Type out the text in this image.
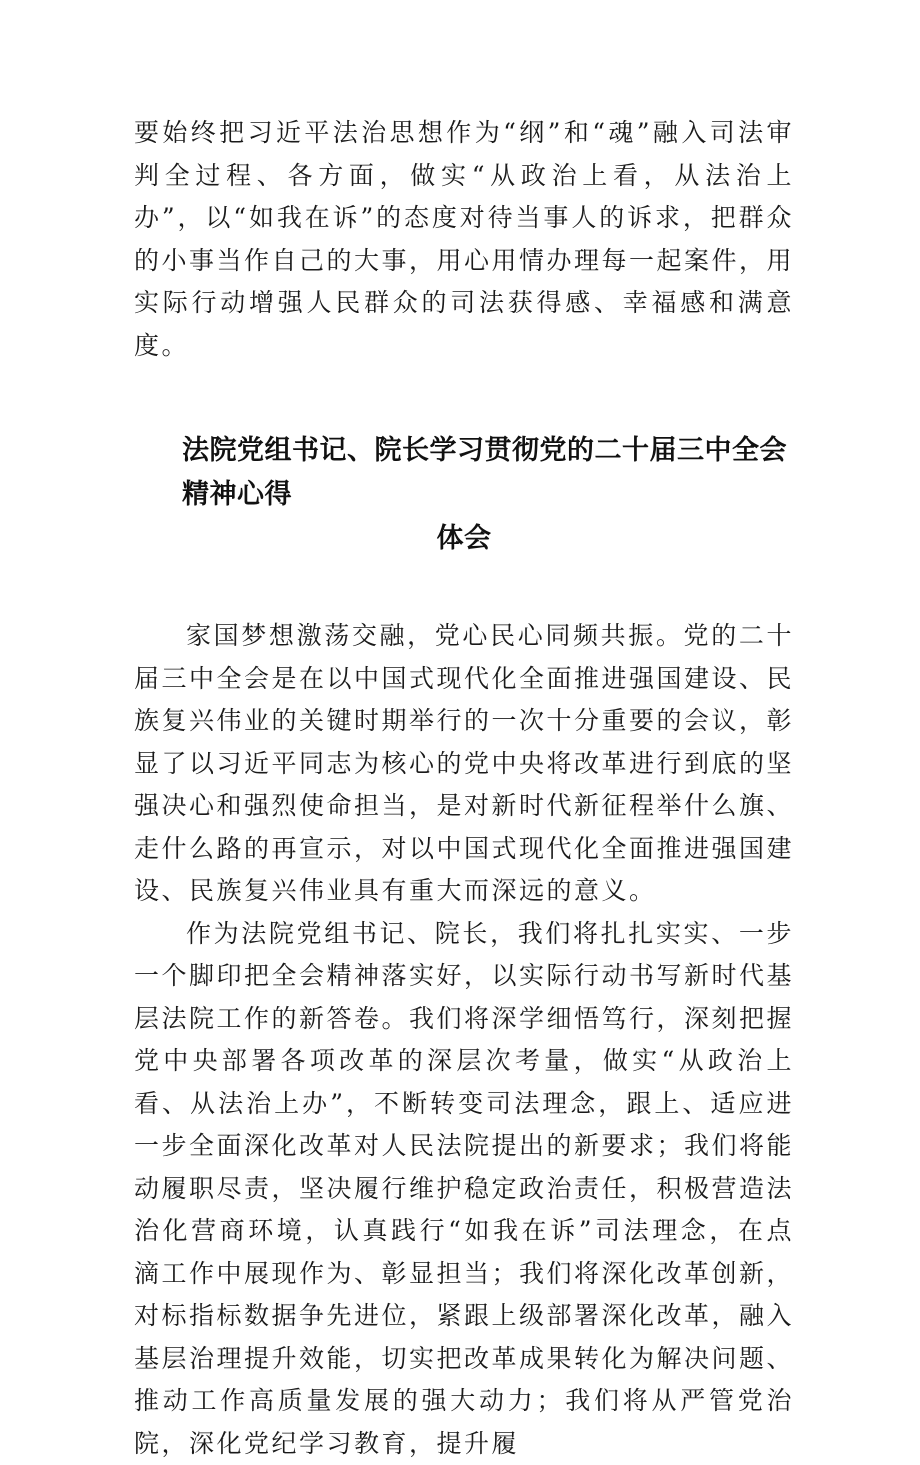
要始终把习近平法治思想作为“纲”和“魂”融入司法审判全过程、各方面，做实“从政治上看，从法治上办”，以“如我在诉”的态度对待当事人的诉求，把群众的小事当作自己的大事，用心用情办理每一起案件，用实际行动增强人民群众的司法获得感、幸福感和满意度。

法院党组书记、院长学习贯彻党的二十届三中全会精神心得
体会

家国梦想激荡交融，党心民心同频共振。党的二十届三中全会是在以中国式现代化全面推进强国建设、民族复兴伟业的关键时期举行的一次十分重要的会议，彰显了以习近平同志为核心的党中央将改革进行到底的坚强决心和强烈使命担当，是对新时代新征程举什么旗、走什么路的再宣示，对以中国式现代化全面推进强国建设、民族复兴伟业具有重大而深远的意义。

作为法院党组书记、院长，我们将扎扎实实、一步一个脚印把全会精神落实好，以实际行动书写新时代基层法院工作的新答卷。我们将深学细悟笃行，深刻把握党中央部署各项改革的深层次考量，做实“从政治上看、从法治上办”，不断转变司法理念，跟上、适应进一步全面深化改革对人民法院提出的新要求；我们将能动履职尽责，坚决履行维护稳定政治责任，积极营造法治化营商环境，认真践行“如我在诉”司法理念，在点滴工作中展现作为、彰显担当；我们将深化改革创新，对标指标数据争先进位，紧跟上级部署深化改革，融入基层治理提升效能，切实把改革成果转化为解决问题、推动工作高质量发展的强大动力；我们将从严管党治院，深化党纪学习教育，提升履
